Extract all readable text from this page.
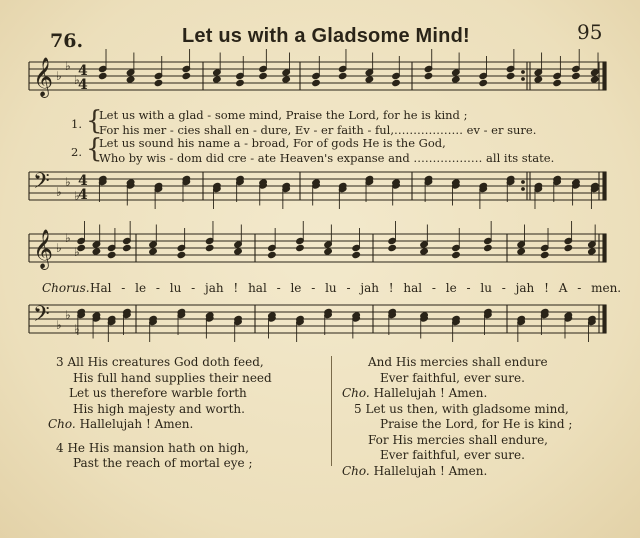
76.	Let us with a Gladsome Mind!	95
𝄞
𝄢
♭
♭
♭
♭
♭
♭
4
4
4
4
𝄞
𝄢
♭
♭
♭
♭
♭
♭
1. {
Let us with a glad - some mind, Praise the Lord, for he is kind ;
For his mer - cies shall en - dure, Ev - er faith - ful,……………… ev - er sure.
2. {
Let us sound his name a - broad, For of gods He is the God,
Who by wis - dom did cre - ate Heaven's expanse and ……………… all its state.
Chorus. Hal - le - lu - jah ! hal - le - lu - jah ! hal - le - lu - jah ! A - men.
3 All His creatures God doth feed,
His full hand supplies their need
Let us therefore warble forth
His high majesty and worth.
Cho. Hallelujah ! Amen.
4 He His mansion hath on high,
Past the reach of mortal eye ;
And His mercies shall endure
Ever faithful, ever sure.
Cho. Hallelujah ! Amen.
5 Let us then, with gladsome mind,
Praise the Lord, for He is kind ;
For His mercies shall endure,
Ever faithful, ever sure.
Cho. Hallelujah ! Amen.
